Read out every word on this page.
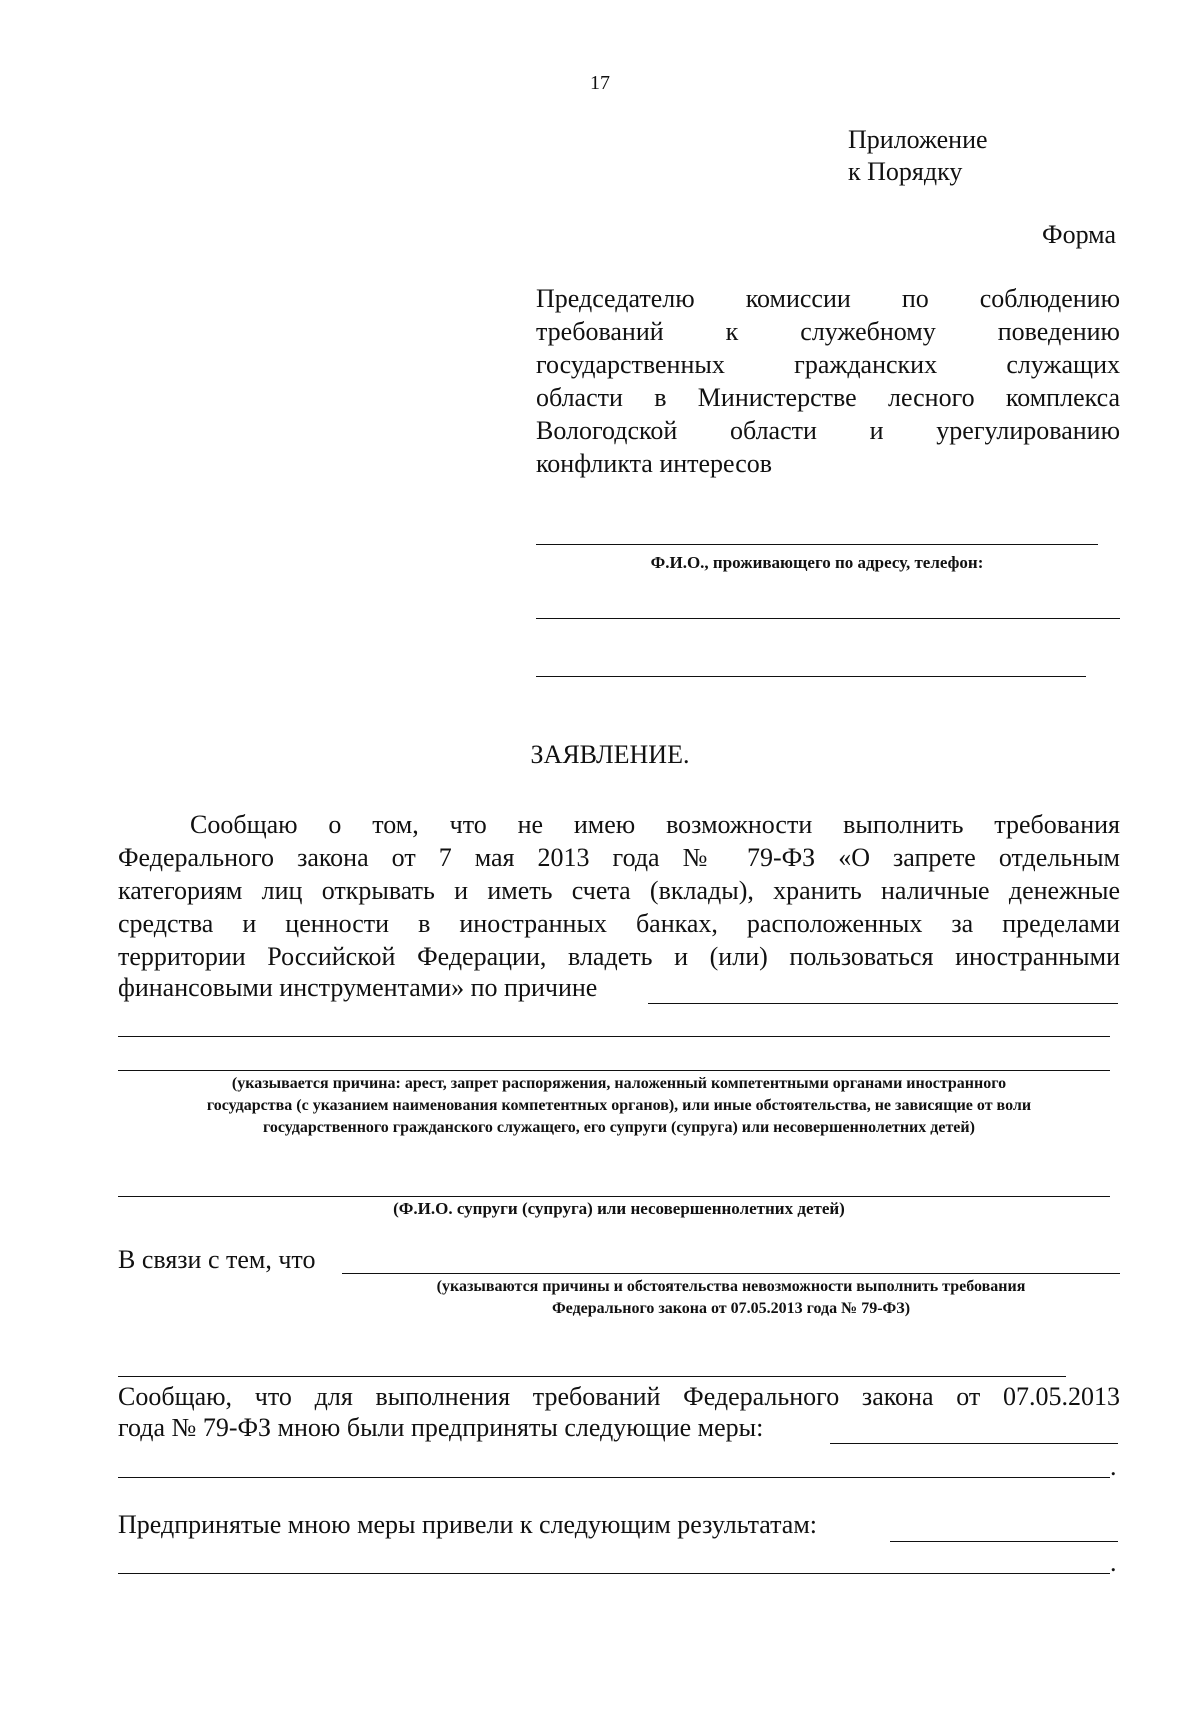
17
Приложение
к Порядку
Форма
Председателю комиссии по соблюдению
требований к служебному поведению
государственных гражданских служащих
области в Министерстве лесного комплекса
Вологодской области и урегулированию
конфликта интересов
Ф.И.О., проживающего по адресу, телефон:
ЗАЯВЛЕНИЕ.
Сообщаю о том, что не имею возможности выполнить требования
Федерального закона от 7 мая 2013 года № 79-ФЗ «О запрете отдельным
категориям лиц открывать и иметь счета (вклады), хранить наличные денежные
средства и ценности в иностранных банках, расположенных за пределами
территории Российской Федерации, владеть и (или) пользоваться иностранными
финансовыми инструментами» по причине
(указывается причина: арест, запрет распоряжения, наложенный компетентными органами иностранного
государства (с указанием наименования компетентных органов), или иные обстоятельства, не зависящие от воли
государственного гражданского служащего, его супруги (супруга) или несовершеннолетних детей)
(Ф.И.О. супруги (супруга) или несовершеннолетних детей)
В связи с тем, что
(указываются причины и обстоятельства невозможности выполнить требования
Федерального закона от 07.05.2013 года № 79-ФЗ)
Сообщаю, что для выполнения требований Федерального закона от 07.05.2013
года № 79-ФЗ мною были предприняты следующие меры:
.
Предпринятые мною меры привели к следующим результатам:
.
